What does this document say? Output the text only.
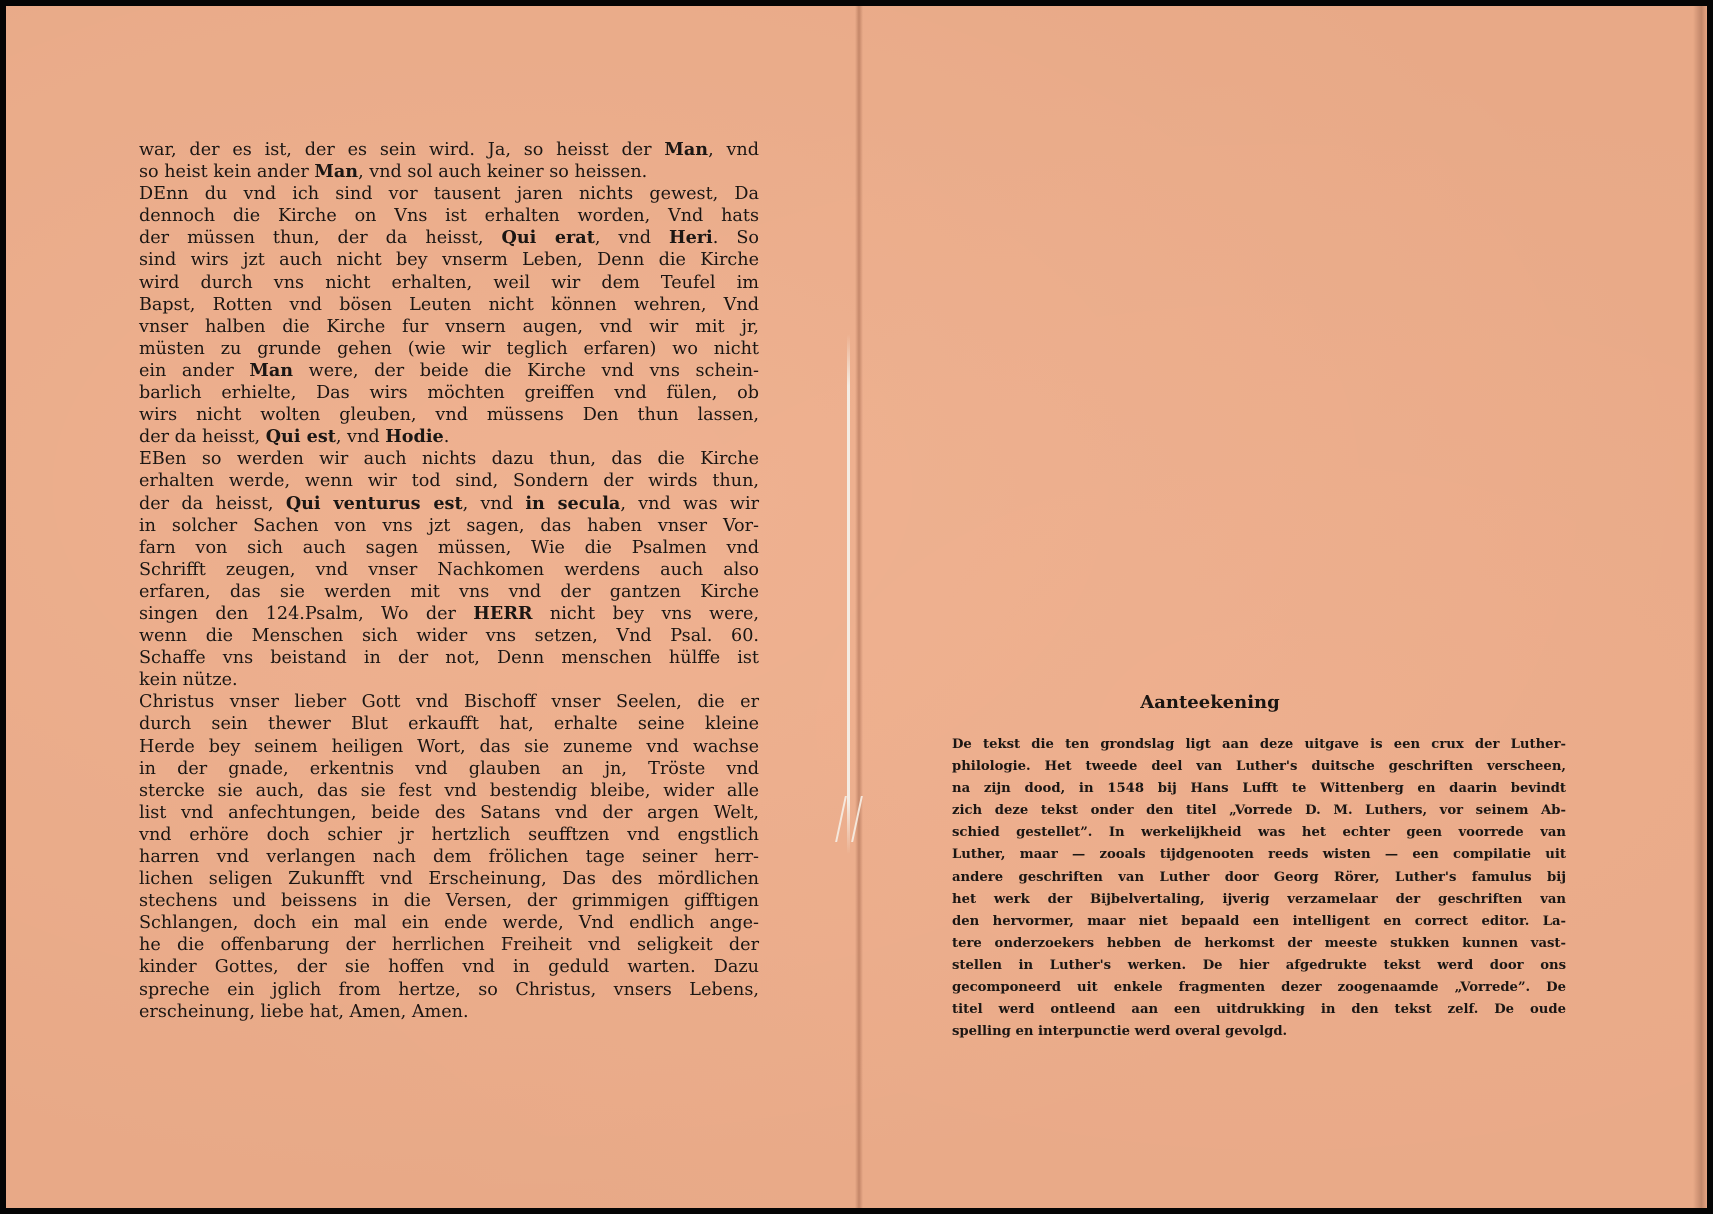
war, der es ist, der es sein wird. Ja, so heisst der Man, vnd

so heist kein ander Man, vnd sol auch keiner so heissen.

DEnn du vnd ich sind vor tausent jaren nichts gewest, Da

dennoch die Kirche on Vns ist erhalten worden, Vnd hats

der müssen thun, der da heisst, Qui erat, vnd Heri. So

sind wirs jzt auch nicht bey vnserm Leben, Denn die Kirche

wird durch vns nicht erhalten, weil wir dem Teufel im

Bapst, Rotten vnd bösen Leuten nicht können wehren, Vnd

vnser halben die Kirche fur vnsern augen, vnd wir mit jr,

müsten zu grunde gehen (wie wir teglich erfaren) wo nicht

ein ander Man were, der beide die Kirche vnd vns schein-

barlich erhielte, Das wirs möchten greiffen vnd fülen, ob

wirs nicht wolten gleuben, vnd müssens Den thun lassen,

der da heisst, Qui est, vnd Hodie.

EBen so werden wir auch nichts dazu thun, das die Kirche

erhalten werde, wenn wir tod sind, Sondern der wirds thun,

der da heisst, Qui venturus est, vnd in secula, vnd was wir

in solcher Sachen von vns jzt sagen, das haben vnser Vor-

farn von sich auch sagen müssen, Wie die Psalmen vnd

Schrifft zeugen, vnd vnser Nachkomen werdens auch also

erfaren, das sie werden mit vns vnd der gantzen Kirche

singen den 124.Psalm, Wo der HERR nicht bey vns were,

wenn die Menschen sich wider vns setzen, Vnd Psal. 60.

Schaffe vns beistand in der not, Denn menschen hülffe ist

kein nütze.

Christus vnser lieber Gott vnd Bischoff vnser Seelen, die er

durch sein thewer Blut erkaufft hat, erhalte seine kleine

Herde bey seinem heiligen Wort, das sie zuneme vnd wachse

in der gnade, erkentnis vnd glauben an jn, Tröste vnd

stercke sie auch, das sie fest vnd bestendig bleibe, wider alle

list vnd anfechtungen, beide des Satans vnd der argen Welt,

vnd erhöre doch schier jr hertzlich seufftzen vnd engstlich

harren vnd verlangen nach dem frölichen tage seiner herr-

lichen seligen Zukunfft vnd Erscheinung, Das des mördlichen

stechens und beissens in die Versen, der grimmigen gifftigen

Schlangen, doch ein mal ein ende werde, Vnd endlich ange-

he die offenbarung der herrlichen Freiheit vnd seligkeit der

kinder Gottes, der sie hoffen vnd in geduld warten. Dazu

spreche ein jglich from hertze, so Christus, vnsers Lebens,

erscheinung, liebe hat, Amen, Amen.

Aanteekening

De tekst die ten grondslag ligt aan deze uitgave is een crux der Luther-

philologie. Het tweede deel van Luther's duitsche geschriften verscheen,

na zijn dood, in 1548 bij Hans Lufft te Wittenberg en daarin bevindt

zich deze tekst onder den titel „Vorrede D. M. Luthers, vor seinem Ab-

schied gestellet”. In werkelijkheid was het echter geen voorrede van

Luther, maar — zooals tijdgenooten reeds wisten — een compilatie uit

andere geschriften van Luther door Georg Rörer, Luther's famulus bij

het werk der Bijbelvertaling, ijverig verzamelaar der geschriften van

den hervormer, maar niet bepaald een intelligent en correct editor. La-

tere onderzoekers hebben de herkomst der meeste stukken kunnen vast-

stellen in Luther's werken. De hier afgedrukte tekst werd door ons

gecomponeerd uit enkele fragmenten dezer zoogenaamde „Vorrede”. De

titel werd ontleend aan een uitdrukking in den tekst zelf. De oude

spelling en interpunctie werd overal gevolgd.
